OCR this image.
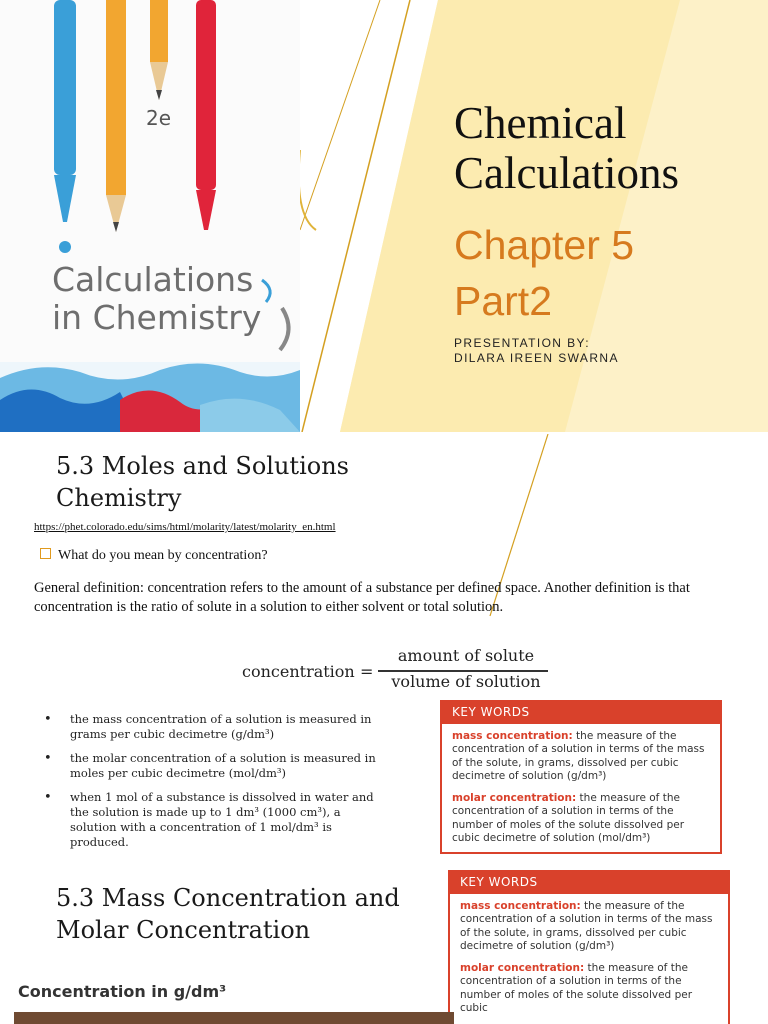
2e
Calculations
in Chemistry

Chemical

Calculations

Chapter 5

Part2

PRESENTATION BY:
DILARA IREEN SWARNA

5.3 Moles and Solutions

Chemistry

https://phet.colorado.edu/sims/html/molarity/latest/molarity_en.html
What do you mean by concentration?
General definition: concentration refers to the amount of a substance per defined space. Another definition is that concentration is the ratio of solute in a solution to either solvent or total solution.
concentration =
amount of solute
volume of solution
• the mass concentration of a solution is measured in grams per cubic decimetre (g/dm³)
• the molar concentration of a solution is measured in moles per cubic decimetre (mol/dm³)
• when 1 mol of a substance is dissolved in water and the solution is made up to 1 dm³ (1000 cm³), a solution with a concentration of 1 mol/dm³ is produced.
KEY WORDS
mass concentration: the measure of the concentration of a solution in terms of the mass of the solute, in grams, dissolved per cubic decimetre of solution (g/dm³)
molar concentration: the measure of the concentration of a solution in terms of the number of moles of the solute dissolved per cubic decimetre of solution (mol/dm³)

5.3 Mass Concentration and

Molar Concentration

KEY WORDS
mass concentration: the measure of the concentration of a solution in terms of the mass of the solute, in grams, dissolved per cubic decimetre of solution (g/dm³)
molar concentration: the measure of the concentration of a solution in terms of the number of moles of the solute dissolved per cubic
Concentration in g/dm³
